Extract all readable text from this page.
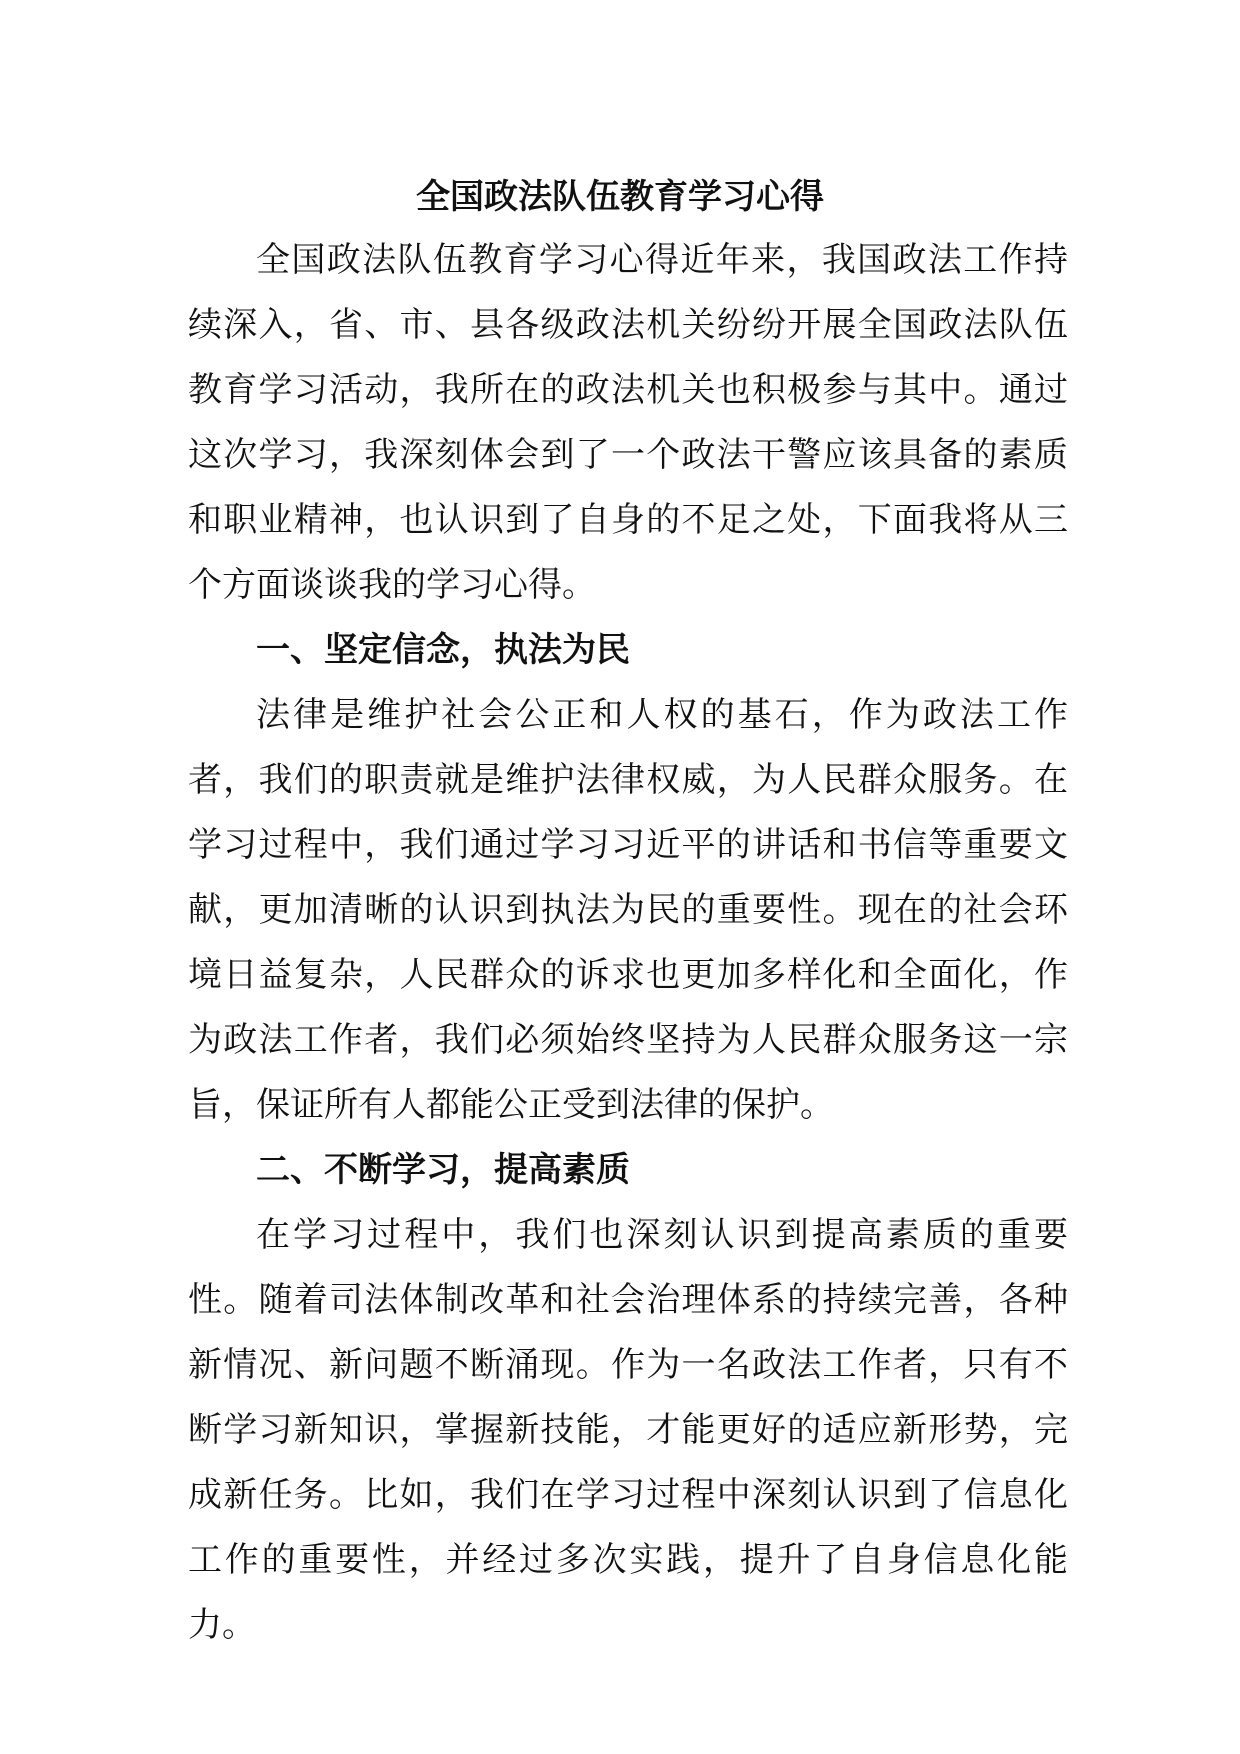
全国政法队伍教育学习心得

全国政法队伍教育学习心得近年来，我国政法工作持续深入，省、市、县各级政法机关纷纷开展全国政法队伍教育学习活动，我所在的政法机关也积极参与其中。通过这次学习，我深刻体会到了一个政法干警应该具备的素质和职业精神，也认识到了自身的不足之处，下面我将从三个方面谈谈我的学习心得。

一、坚定信念，执法为民

法律是维护社会公正和人权的基石，作为政法工作者，我们的职责就是维护法律权威，为人民群众服务。在学习过程中，我们通过学习习近平的讲话和书信等重要文献，更加清晰的认识到执法为民的重要性。现在的社会环境日益复杂，人民群众的诉求也更加多样化和全面化，作为政法工作者，我们必须始终坚持为人民群众服务这一宗旨，保证所有人都能公正受到法律的保护。

二、不断学习，提高素质

在学习过程中，我们也深刻认识到提高素质的重要性。随着司法体制改革和社会治理体系的持续完善，各种新情况、新问题不断涌现。作为一名政法工作者，只有不断学习新知识，掌握新技能，才能更好的适应新形势，完成新任务。比如，我们在学习过程中深刻认识到了信息化工作的重要性，并经过多次实践，提升了自身信息化能力。
